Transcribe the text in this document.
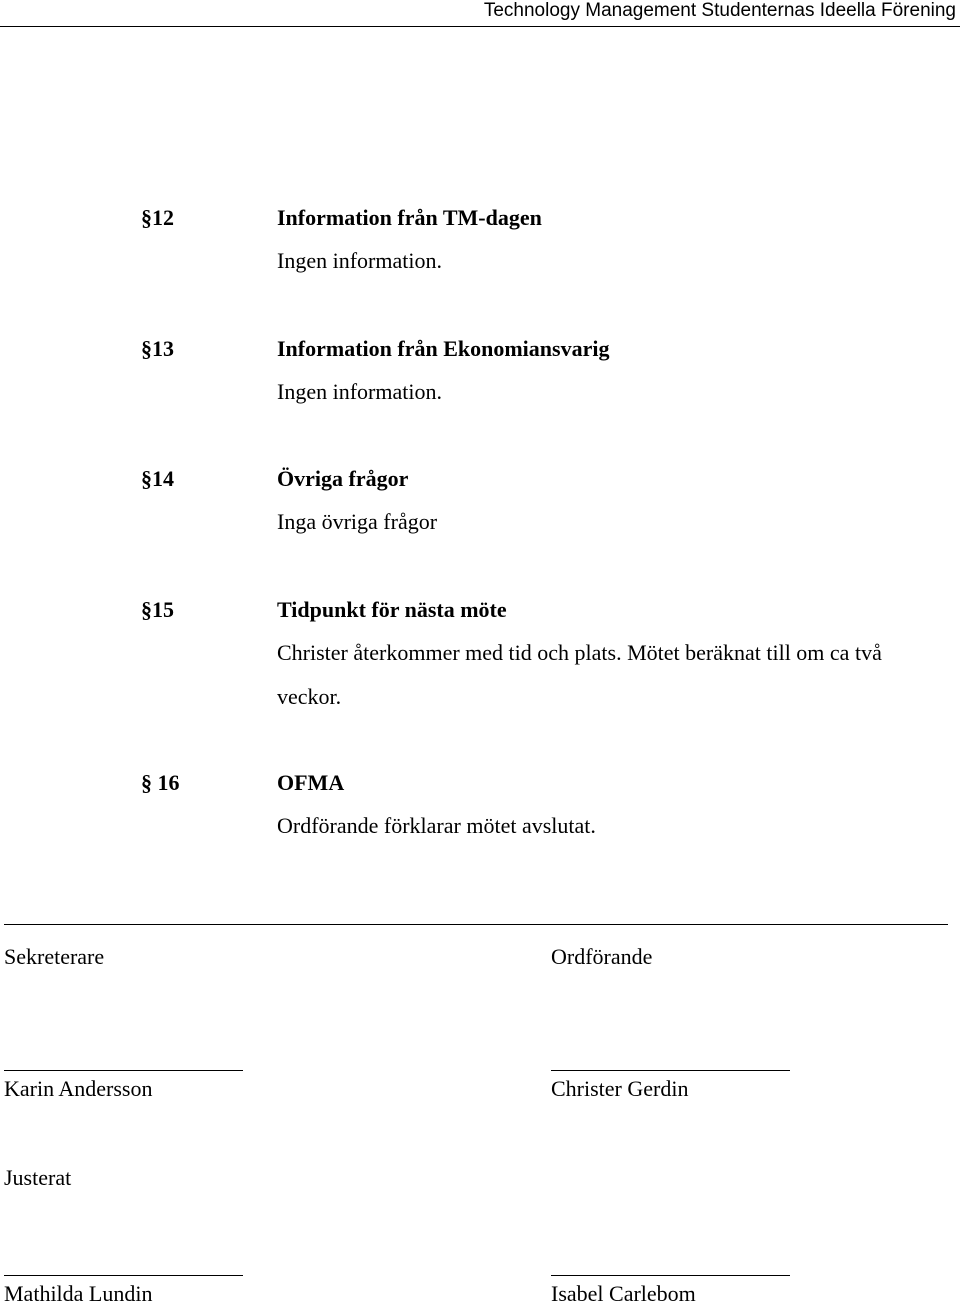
Technology Management Studenternas Ideella Förening
§12	Information från TM-dagen
Ingen information.
§13	Information från Ekonomiansvarig
Ingen information.
§14	Övriga frågor
Inga övriga frågor
§15	Tidpunkt för nästa möte
Christer återkommer med tid och plats. Mötet beräknat till om ca två veckor.
§ 16	OFMA
Ordförande förklarar mötet avslutat.
Sekreterare	Ordförande
Karin Andersson	Christer Gerdin
Justerat
Mathilda Lundin	Isabel Carlebom
